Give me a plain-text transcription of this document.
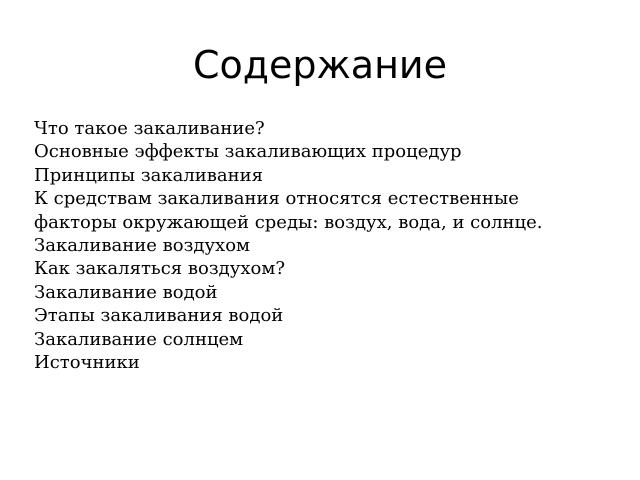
Содержание
Что такое закаливание?
Основные эффекты закаливающих процедур
Принципы закаливания
К средствам закаливания относятся естественные
факторы окружающей среды: воздух, вода, и солнце.
Закаливание воздухом
Как закаляться воздухом?
Закаливание водой
Этапы закаливания водой
Закаливание солнцем
Источники
